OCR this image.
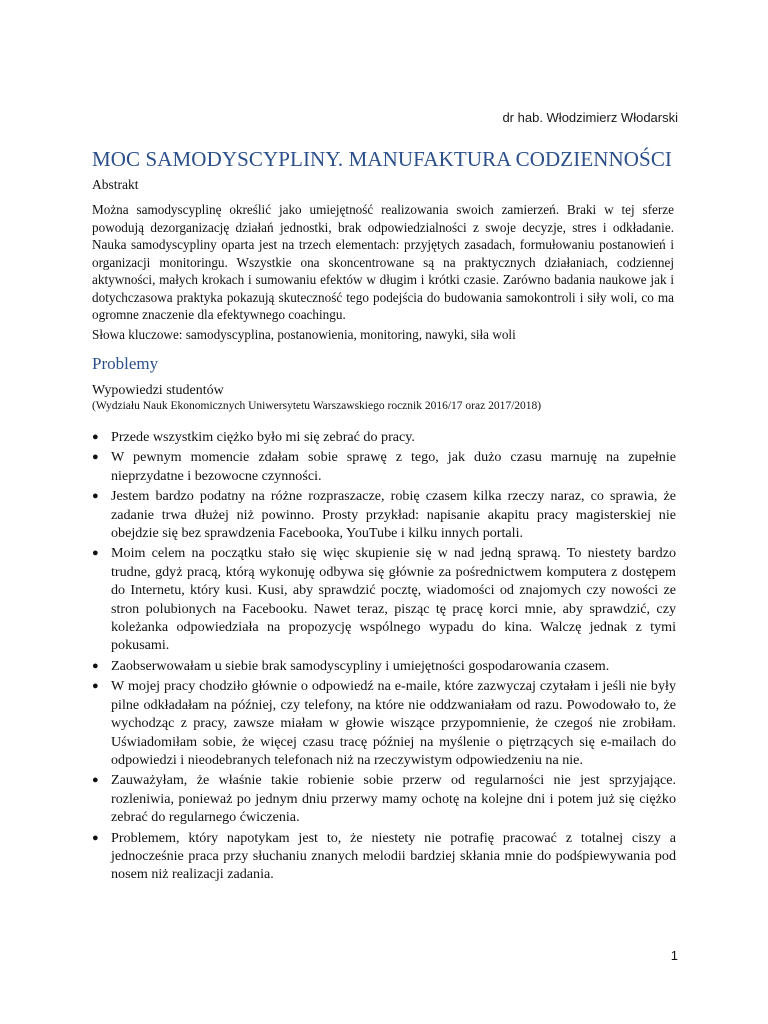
dr hab. Włodzimierz Włodarski
MOC SAMODYSCYPLINY. MANUFAKTURA CODZIENNOŚCI

Abstrakt

Można samodyscyplinę określić jako umiejętność realizowania swoich zamierzeń. Braki w tej sferze powodują dezorganizację działań jednostki, brak odpowiedzialności z swoje decyzje, stres i odkładanie. Nauka samodyscypliny oparta jest na trzech elementach: przyjętych zasadach, formułowaniu postanowień i organizacji monitoringu. Wszystkie ona skoncentrowane są na praktycznych działaniach, codziennej aktywności, małych krokach i sumowaniu efektów w długim i krótki czasie. Zarówno badania naukowe jak i dotychczasowa praktyka pokazują skuteczność tego podejścia do budowania samokontroli i siły woli, co ma ogromne znaczenie dla efektywnego coachingu.

Słowa kluczowe: samodyscyplina, postanowienia, monitoring, nawyki, siła woli

Problemy

Wypowiedzi studentów

(Wydziału Nauk Ekonomicznych Uniwersytetu Warszawskiego rocznik 2016/17 oraz 2017/2018)

● Przede wszystkim ciężko było mi się zebrać do pracy.
● W pewnym momencie zdałam sobie sprawę z tego, jak dużo czasu marnuję na zupełnie nieprzydatne i bezowocne czynności.
● Jestem bardzo podatny na różne rozpraszacze, robię czasem kilka rzeczy naraz, co sprawia, że zadanie trwa dłużej niż powinno. Prosty przykład: napisanie akapitu pracy magisterskiej nie obejdzie się bez sprawdzenia Facebooka, YouTube i kilku innych portali.
● Moim celem na początku stało się więc skupienie się w nad jedną sprawą. To niestety bardzo trudne, gdyż pracą, którą wykonuję odbywa się głównie za pośrednictwem komputera z dostępem do Internetu, który kusi. Kusi, aby sprawdzić pocztę, wiadomości od znajomych czy nowości ze stron polubionych na Facebooku. Nawet teraz, pisząc tę pracę korci mnie, aby sprawdzić, czy koleżanka odpowiedziała na propozycję wspólnego wypadu do kina. Walczę jednak z tymi pokusami.
● Zaobserwowałam u siebie brak samodyscypliny i umiejętności gospodarowania czasem.
● W mojej pracy chodziło głównie o odpowiedź na e-maile, które zazwyczaj czytałam i jeśli nie były pilne odkładałam na później, czy telefony, na które nie oddzwaniałam od razu. Powodowało to, że wychodząc z pracy, zawsze miałam w głowie wiszące przypomnienie, że czegoś nie zrobiłam. Uświadomiłam sobie, że więcej czasu tracę później na myślenie o piętrzących się e-mailach do odpowiedzi i nieodebranych telefonach niż na rzeczywistym odpowiedzeniu na nie.
● Zauważyłam, że właśnie takie robienie sobie przerw od regularności nie jest sprzyjające. rozleniwia, ponieważ po jednym dniu przerwy mamy ochotę na kolejne dni i potem już się ciężko zebrać do regularnego ćwiczenia.
● Problemem, który napotykam jest to, że niestety nie potrafię pracować z totalnej ciszy a jednocześnie praca przy słuchaniu znanych melodii bardziej skłania mnie do podśpiewywania pod nosem niż realizacji zadania.
1
